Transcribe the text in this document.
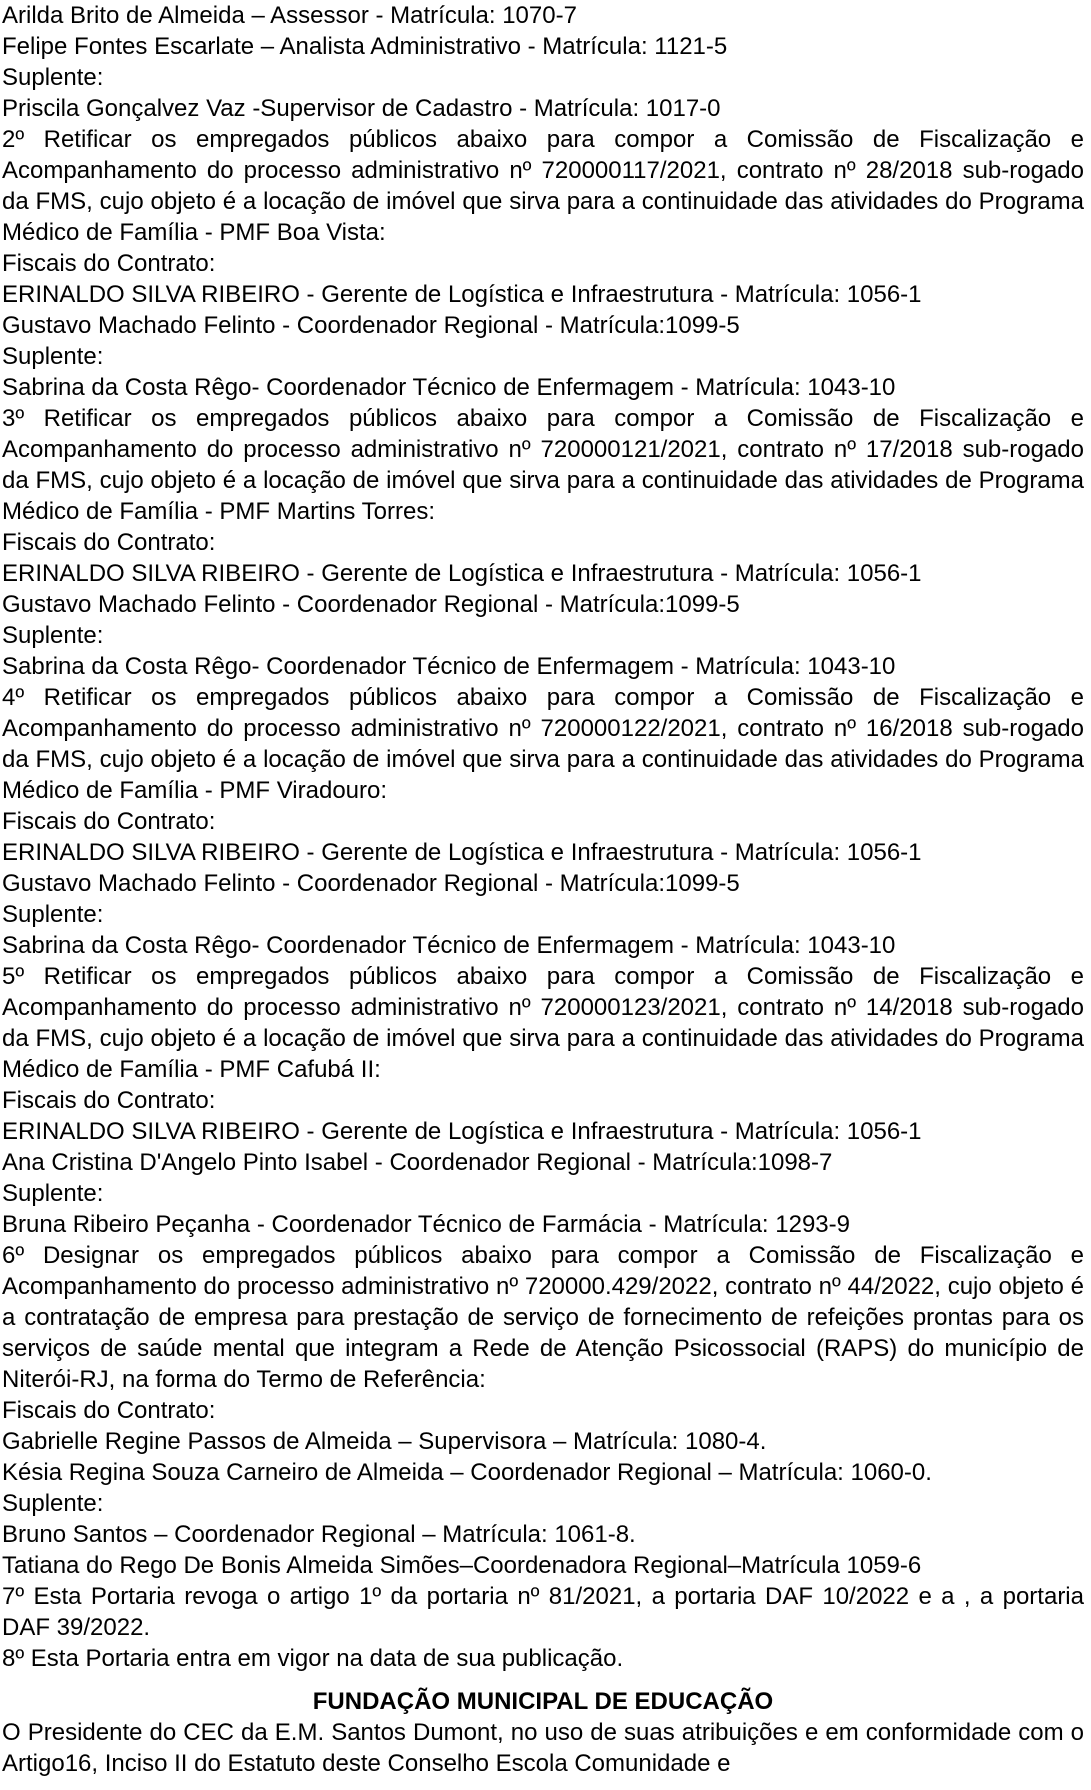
Arilda Brito de Almeida – Assessor - Matrícula: 1070-7

Felipe Fontes Escarlate – Analista Administrativo - Matrícula: 1121-5

Suplente:

Priscila Gonçalvez Vaz -Supervisor de Cadastro - Matrícula: 1017-0

2º Retificar os empregados públicos abaixo para compor a Comissão de Fiscalização e Acompanhamento do processo administrativo nº 720000117/2021, contrato nº 28/2018 sub-rogado da FMS, cujo objeto é a locação de imóvel que sirva para a continuidade das atividades do Programa Médico de Família - PMF Boa Vista:

Fiscais do Contrato:

ERINALDO SILVA RIBEIRO - Gerente de Logística e Infraestrutura - Matrícula: 1056-1

Gustavo Machado Felinto - Coordenador Regional - Matrícula:1099-5

Suplente:

Sabrina da Costa Rêgo- Coordenador Técnico de Enfermagem - Matrícula: 1043-10

3º Retificar os empregados públicos abaixo para compor a Comissão de Fiscalização e Acompanhamento do processo administrativo nº 720000121/2021, contrato nº 17/2018 sub-rogado da FMS, cujo objeto é a locação de imóvel que sirva para a continuidade das atividades de Programa Médico de Família - PMF Martins Torres:

Fiscais do Contrato:

ERINALDO SILVA RIBEIRO - Gerente de Logística e Infraestrutura - Matrícula: 1056-1

Gustavo Machado Felinto - Coordenador Regional - Matrícula:1099-5

Suplente:

Sabrina da Costa Rêgo- Coordenador Técnico de Enfermagem - Matrícula: 1043-10

4º Retificar os empregados públicos abaixo para compor a Comissão de Fiscalização e Acompanhamento do processo administrativo nº 720000122/2021, contrato nº 16/2018 sub-rogado da FMS, cujo objeto é a locação de imóvel que sirva para a continuidade das atividades do Programa Médico de Família - PMF Viradouro:

Fiscais do Contrato:

ERINALDO SILVA RIBEIRO - Gerente de Logística e Infraestrutura - Matrícula: 1056-1

Gustavo Machado Felinto - Coordenador Regional - Matrícula:1099-5

Suplente:

Sabrina da Costa Rêgo- Coordenador Técnico de Enfermagem - Matrícula: 1043-10

5º Retificar os empregados públicos abaixo para compor a Comissão de Fiscalização e Acompanhamento do processo administrativo nº 720000123/2021, contrato nº 14/2018 sub-rogado da FMS, cujo objeto é a locação de imóvel que sirva para a continuidade das atividades do Programa Médico de Família - PMF Cafubá II:

Fiscais do Contrato:

ERINALDO SILVA RIBEIRO - Gerente de Logística e Infraestrutura - Matrícula: 1056-1

Ana Cristina D'Angelo Pinto Isabel - Coordenador Regional - Matrícula:1098-7

Suplente:

Bruna Ribeiro Peçanha - Coordenador Técnico de Farmácia - Matrícula: 1293-9

6º Designar os empregados públicos abaixo para compor a Comissão de Fiscalização e Acompanhamento do processo administrativo nº 720000.429/2022, contrato nº 44/2022, cujo objeto é a contratação de empresa para prestação de serviço de fornecimento de refeições prontas para os serviços de saúde mental que integram a Rede de Atenção Psicossocial (RAPS) do município de Niterói-RJ, na forma do Termo de Referência:

Fiscais do Contrato:

Gabrielle Regine Passos de Almeida – Supervisora – Matrícula: 1080-4.

Késia Regina Souza Carneiro de Almeida – Coordenador Regional – Matrícula: 1060-0.

Suplente:

Bruno Santos – Coordenador Regional – Matrícula: 1061-8.

Tatiana do Rego De Bonis Almeida Simões–Coordenadora Regional–Matrícula 1059-6

7º Esta Portaria revoga o artigo 1º da portaria nº 81/2021, a portaria DAF 10/2022 e a , a portaria DAF 39/2022.

8º Esta Portaria entra em vigor na data de sua publicação.

FUNDAÇÃO MUNICIPAL DE EDUCAÇÃO

O Presidente do CEC da E.M. Santos Dumont, no uso de suas atribuições e em conformidade com o Artigo16, Inciso II do Estatuto deste Conselho Escola Comunidade e
